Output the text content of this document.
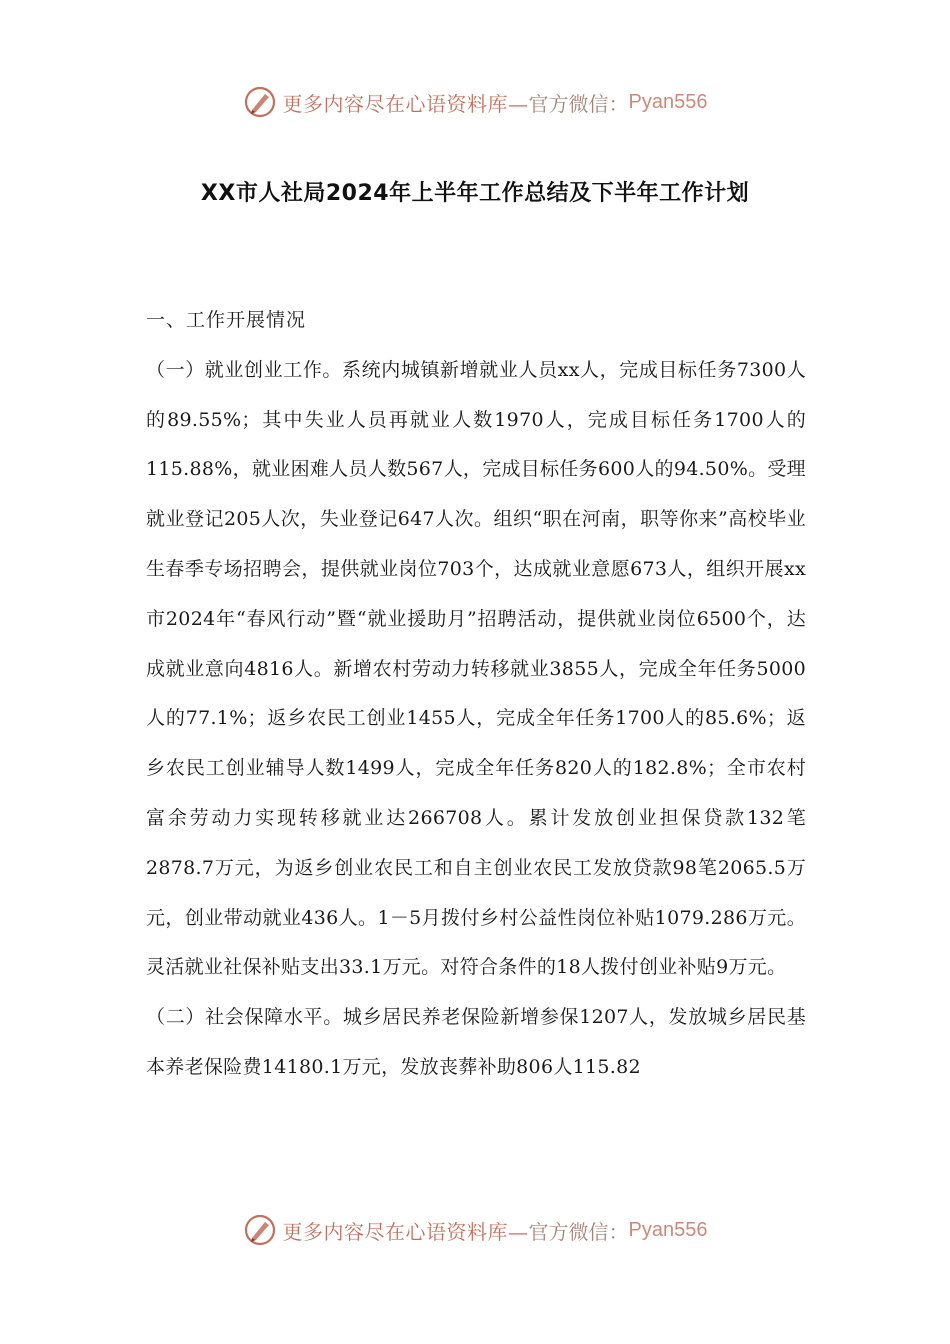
更多内容尽在心语资料库— 官方微信： Pyan556
XX市人社局2024年上半年工作总结及下半年工作计划

一、工作开展情况

（一）就业创业工作。系统内城镇新增就业人员xx人，完成目标任务7300人的89.55%；其中失业人员再就业人数1970人，完成目标任务1700人的115.88%，就业困难人员人数567人，完成目标任务600人的94.50%。受理就业登记205人次，失业登记647人次。组织“职在河南，职等你来”高校毕业生春季专场招聘会，提供就业岗位703个，达成就业意愿673人，组织开展xx市2024年“春风行动”暨“就业援助月”招聘活动，提供就业岗位6500个，达成就业意向4816人。新增农村劳动力转移就业3855人，完成全年任务5000人的77.1%；返乡农民工创业1455人，完成全年任务1700人的85.6%；返乡农民工创业辅导人数1499人，完成全年任务820人的182.8%；全市农村富余劳动力实现转移就业达266708人。累计发放创业担保贷款132笔2878.7万元，为返乡创业农民工和自主创业农民工发放贷款98笔2065.5万元，创业带动就业436人。1－5月拨付乡村公益性岗位补贴1079.286万元。灵活就业社保补贴支出33.1万元。对符合条件的18人拨付创业补贴9万元。

（二）社会保障水平。城乡居民养老保险新增参保1207人，发放城乡居民基本养老保险费14180.1万元，发放丧葬补助806人115.82

更多内容尽在心语资料库— 官方微信： Pyan556
